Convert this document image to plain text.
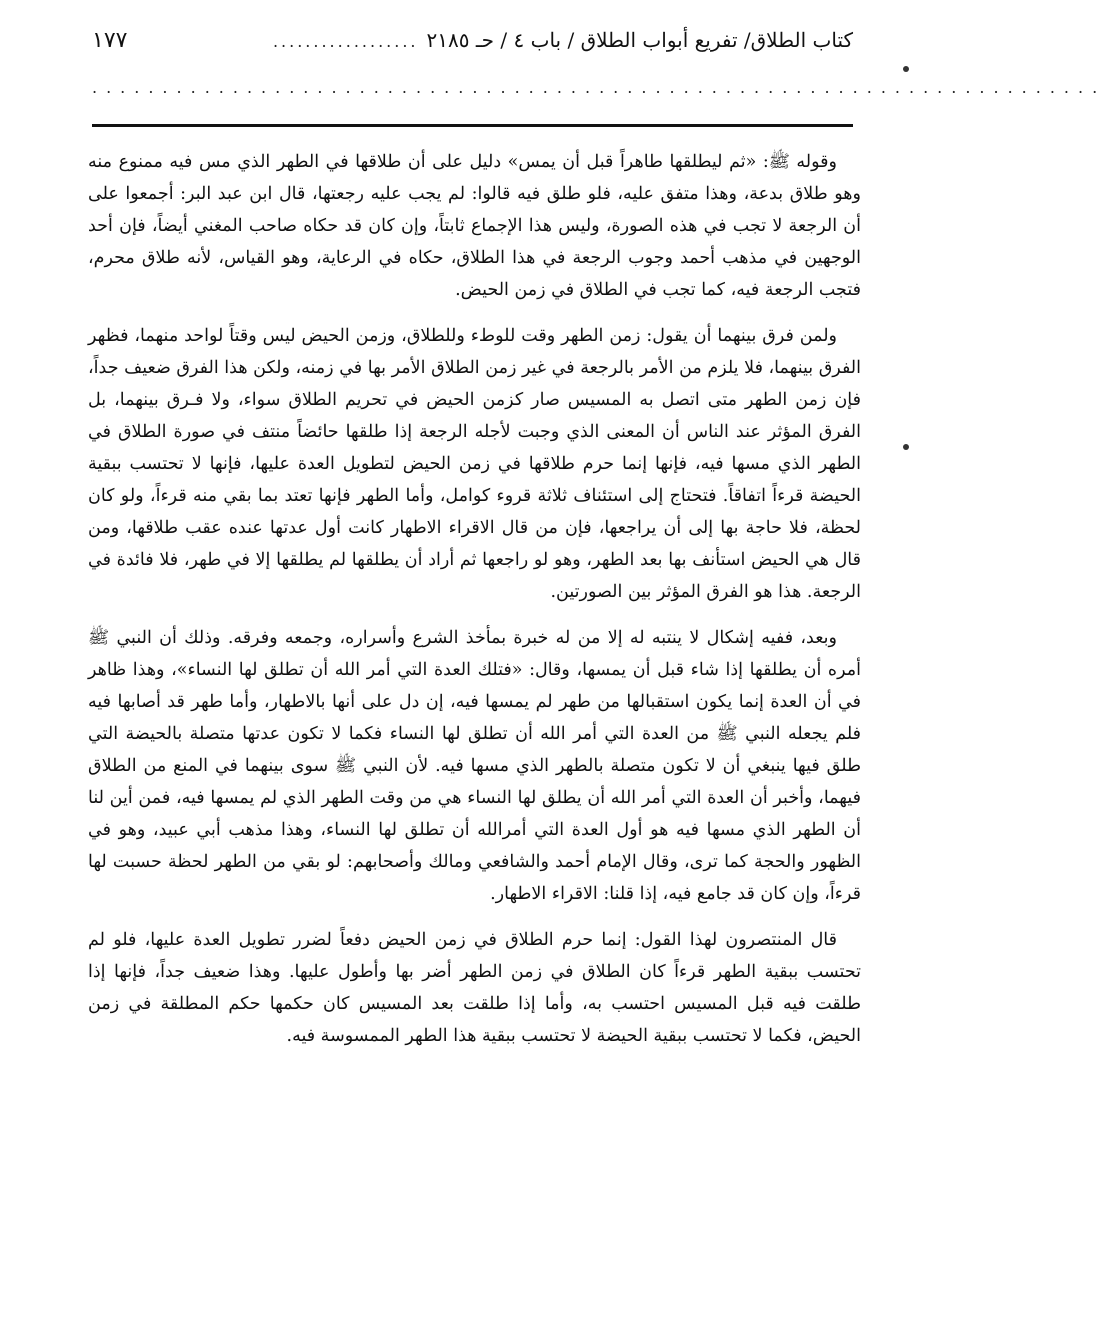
كتاب الطلاق/ تفريع أبواب الطلاق / باب ٤ / حـ ٢١٨٥
..................
١٧٧
........................................................................

وقوله ﷺ: «ثم ليطلقها طاهراً قبل أن يمس» دليل على أن طلاقها في الطهر الذي مس فيه ممنوع منه وهو طلاق بدعة، وهذا متفق عليه، فلو طلق فيه قالوا: لم يجب عليه رجعتها، قال ابن عبد البر: أجمعوا على أن الرجعة لا تجب في هذه الصورة، وليس هذا الإجماع ثابتاً، وإن كان قد حكاه صاحب المغني أيضاً، فإن أحد الوجهين في مذهب أحمد وجوب الرجعة في هذا الطلاق، حكاه في الرعاية، وهو القياس، لأنه طلاق محرم، فتجب الرجعة فيه، كما تجب في الطلاق في زمن الحيض.

ولمن فرق بينهما أن يقول: زمن الطهر وقت للوطء وللطلاق، وزمن الحيض ليس وقتاً لواحد منهما، فظهر الفرق بينهما، فلا يلزم من الأمر بالرجعة في غير زمن الطلاق الأمر بها في زمنه، ولكن هذا الفرق ضعيف جداً، فإن زمن الطهر متى اتصل به المسيس صار كزمن الحيض في تحريم الطلاق سواء، ولا فـرق بينهما، بل الفرق المؤثر عند الناس أن المعنى الذي وجبت لأجله الرجعة إذا طلقها حائضاً منتف في صورة الطلاق في الطهر الذي مسها فيه، فإنها إنما حرم طلاقها في زمن الحيض لتطويل العدة عليها، فإنها لا تحتسب ببقية الحيضة قرءاً اتفاقاً. فتحتاج إلى استئناف ثلاثة قروء كوامل، وأما الطهر فإنها تعتد بما بقي منه قرءاً، ولو كان لحظة، فلا حاجة بها إلى أن يراجعها، فإن من قال الاقراء الاطهار كانت أول عدتها عنده عقب طلاقها، ومن قال هي الحيض استأنف بها بعد الطهر، وهو لو راجعها ثم أراد أن يطلقها لم يطلقها إلا في طهر، فلا فائدة في الرجعة. هذا هو الفرق المؤثر بين الصورتين.

وبعد، ففيه إشكال لا ينتبه له إلا من له خبرة بمأخذ الشرع وأسراره، وجمعه وفرقه. وذلك أن النبي ﷺ أمره أن يطلقها إذا شاء قبل أن يمسها، وقال: «فتلك العدة التي أمر الله أن تطلق لها النساء»، وهذا ظاهر في أن العدة إنما يكون استقبالها من طهر لم يمسها فيه، إن دل على أنها بالاطهار، وأما طهر قد أصابها فيه فلم يجعله النبي ﷺ من العدة التي أمر الله أن تطلق لها النساء فكما لا تكون عدتها متصلة بالحيضة التي طلق فيها ينبغي أن لا تكون متصلة بالطهر الذي مسها فيه. لأن النبي ﷺ سوى بينهما في المنع من الطلاق فيهما، وأخبر أن العدة التي أمر الله أن يطلق لها النساء هي من وقت الطهر الذي لم يمسها فيه، فمن أين لنا أن الطهر الذي مسها فيه هو أول العدة التي أمرالله أن تطلق لها النساء، وهذا مذهب أبي عبيد، وهو في الظهور والحجة كما ترى، وقال الإمام أحمد والشافعي ومالك وأصحابهم: لو بقي من الطهر لحظة حسبت لها قرءاً، وإن كان قد جامع فيه، إذا قلنا: الاقراء الاطهار.

قال المنتصرون لهذا القول: إنما حرم الطلاق في زمن الحيض دفعاً لضرر تطويل العدة عليها، فلو لم تحتسب ببقية الطهر قرءاً كان الطلاق في زمن الطهر أضر بها وأطول عليها. وهذا ضعيف جداً، فإنها إذا طلقت فيه قبل المسيس احتسب به، وأما إذا طلقت بعد المسيس كان حكمها حكم المطلقة في زمن الحيض، فكما لا تحتسب ببقية الحيضة لا تحتسب ببقية هذا الطهر الممسوسة فيه.
